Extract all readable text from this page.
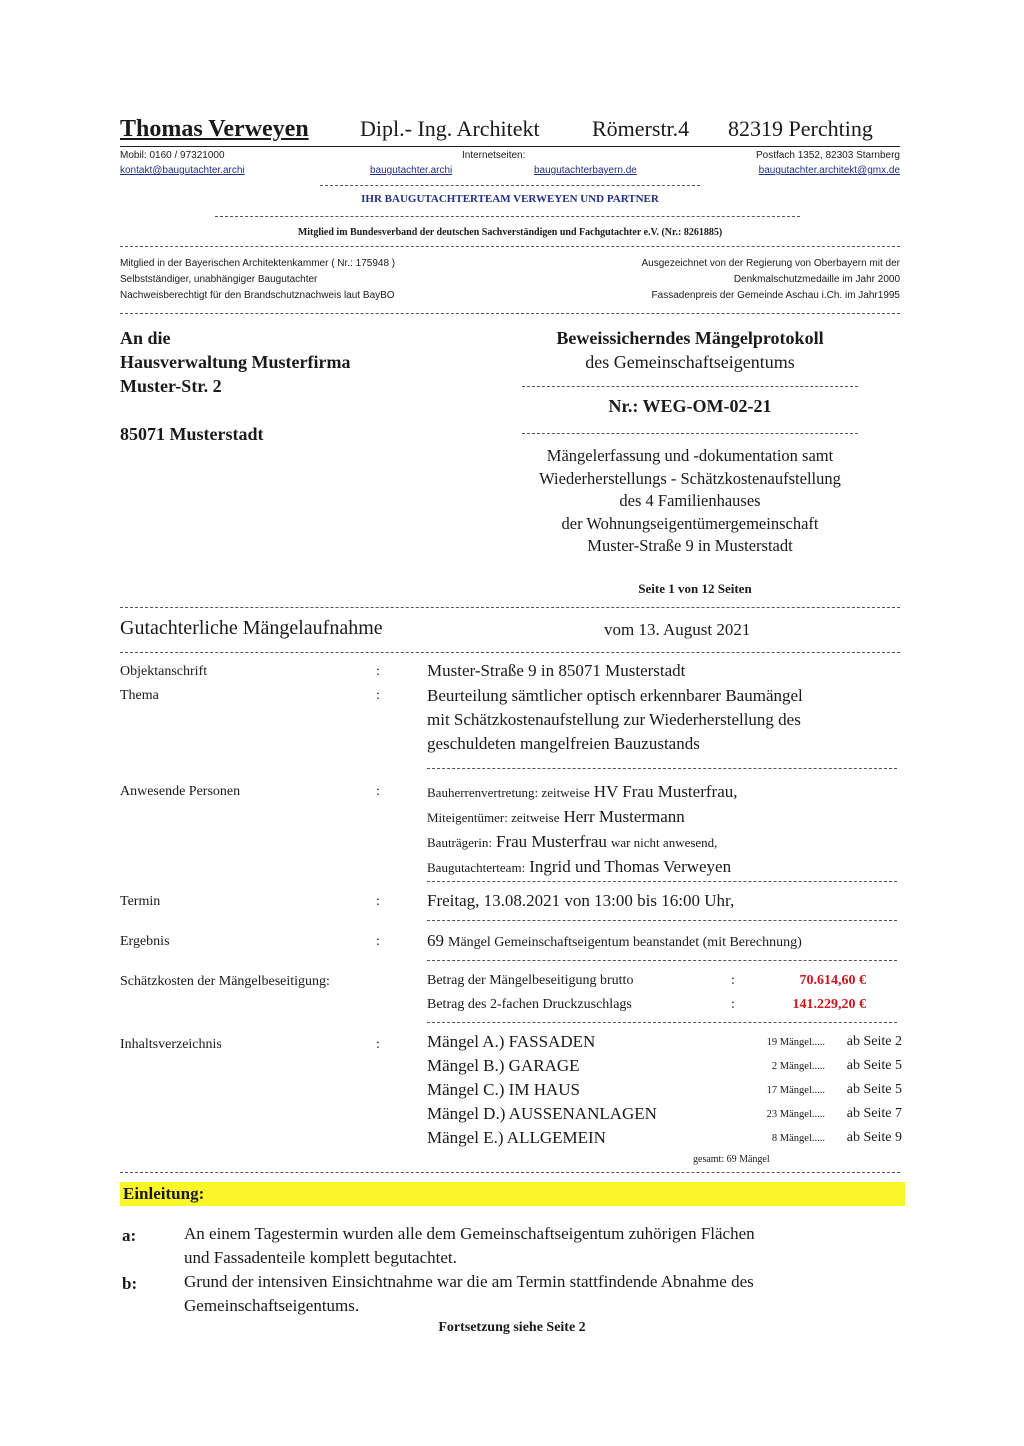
Thomas Verweyen Dipl.- Ing. Architekt Römerstr.4 82319 Perchting
Mobil: 0160 / 97321000
kontakt@baugutachter.archi
Internetseiten:
baugutachter.archi	baugutachterbayern.de
Postfach 1352, 82303 Starnberg
baugutachter.architekt@gmx.de
IHR BAUGUTACHTERTEAM VERWEYEN UND PARTNER
Mitglied im Bundesverband der deutschen Sachverständigen und Fachgutachter e.V. (Nr.: 8261885)
Mitglied in der Bayerischen Architektenkammer ( Nr.: 175948 )
Selbstständiger, unabhängiger Baugutachter
Nachweisberechtigt für den Brandschutznachweis laut BayBO
Ausgezeichnet von der Regierung von Oberbayern mit der
Denkmalschutzmedaille im Jahr 2000
Fassadenpreis der Gemeinde Aschau i.Ch. im Jahr1995
An die
Hausverwaltung Musterfirma
Muster-Str. 2
85071 Musterstadt
Beweissicherndes Mängelprotokoll
des Gemeinschaftseigentums
Nr.: WEG-OM-02-21
Mängelerfassung und -dokumentation samt
Wiederherstellungs - Schätzkostenaufstellung
des 4 Familienhauses
der Wohnungseigentümergemeinschaft
Muster-Straße 9 in Musterstadt
Seite 1 von 12 Seiten
Gutachterliche Mängelaufnahme	vom 13. August 2021
Objektanschrift	:	Muster-Straße 9 in 85071 Musterstadt
Thema	:	Beurteilung sämtlicher optisch erkennbarer Baumängel
mit Schätzkostenaufstellung zur Wiederherstellung des
geschuldeten mangelfreien Bauzustands
Anwesende Personen	:	Bauherrenvertretung: zeitweise HV Frau Musterfrau,
Miteigentümer: zeitweise Herr Mustermann
Bauträgerin: Frau Musterfrau war nicht anwesend,
Baugutachterteam: Ingrid und Thomas Verweyen
Termin	:	Freitag, 13.08.2021 von 13:00 bis 16:00 Uhr,
Ergebnis	:	69 Mängel Gemeinschaftseigentum beanstandet (mit Berechnung)
Schätzkosten der Mängelbeseitigung:	Betrag der Mängelbeseitigung brutto	:	70.614,60 €
Betrag des 2-fachen Druckzuschlags	:	141.229,20 €
Inhaltsverzeichnis	:	Mängel A.) FASSADEN	19 Mängel.....	ab Seite 2
Mängel B.) GARAGE	2 Mängel.....	ab Seite 5
Mängel C.) IM HAUS	17 Mängel.....	ab Seite 5
Mängel D.) AUSSENANLAGEN	23 Mängel.....	ab Seite 7
Mängel E.) ALLGEMEIN	8 Mängel.....	ab Seite 9
gesamt: 69 Mängel
Einleitung:
a:	An einem Tagestermin wurden alle dem Gemeinschaftseigentum zuhörigen Flächen
und Fassadenteile komplett begutachtet.
b:	Grund der intensiven Einsichtnahme war die am Termin stattfindende Abnahme des
Gemeinschaftseigentums.
Fortsetzung siehe Seite 2
